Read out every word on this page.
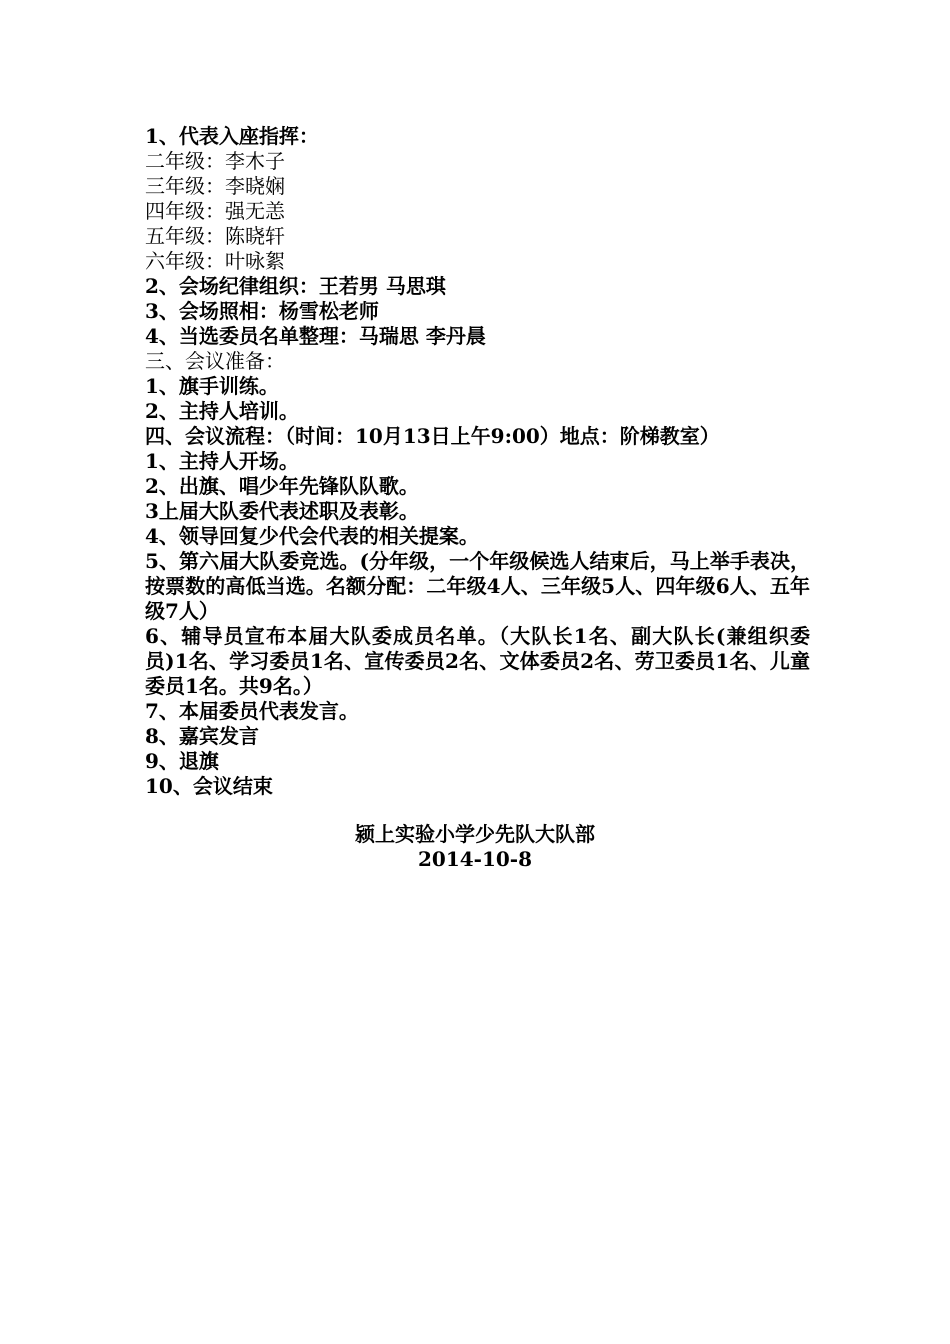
1、代表入座指挥：
二年级：李木子
三年级：李晓娴
四年级：强无恙
五年级：陈晓轩
六年级：叶咏絮
2、会场纪律组织：王若男 马思琪
3、会场照相：杨雪松老师
4、当选委员名单整理：马瑞思 李丹晨
三、会议准备：
1、旗手训练。
2、主持人培训。
四、会议流程：（时间：10月13日上午9:00）地点：阶梯教室）
1、主持人开场。
2、出旗、唱少年先锋队队歌。
3上届大队委代表述职及表彰。
4、领导回复少代会代表的相关提案。
5、第六届大队委竞选。(分年级，一个年级候选人结束后，马上举手表决，按票数的高低当选。名额分配：二年级4人、三年级5人、四年级6人、五年级7人）
6、辅导员宣布本届大队委成员名单。（大队长1名、副大队长(兼组织委员)1名、学习委员1名、宣传委员2名、文体委员2名、劳卫委员1名、儿童委员1名。共9名。）
7、本届委员代表发言。
8、嘉宾发言
9、退旗
10、会议结束
颍上实验小学少先队大队部
2014-10-8
